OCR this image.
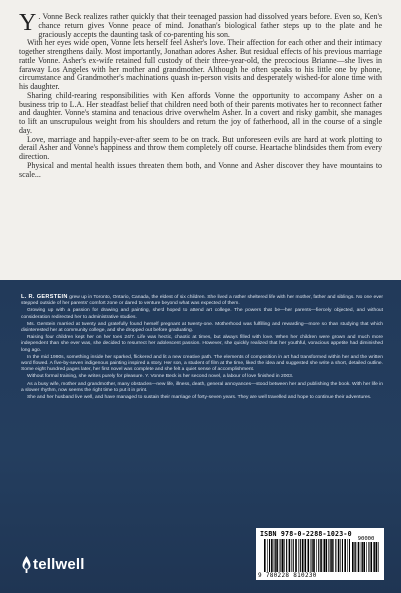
Y . Vonne Beck realizes rather quickly that their teenaged passion had dissolved years before. Even so, Ken's chance return gives Vonne peace of mind. Jonathan's biological father steps up to the plate and he graciously accepts the daunting task of co-parenting his son.

With her eyes wide open, Vonne lets herself feel Asher's love. Their affection for each other and their intimacy together strengthens daily. Most importantly, Jonathan adores Asher. But residual effects of his previous marriage rattle Vonne. Asher's ex-wife retained full custody of their three-year-old, the precocious Brianne—she lives in faraway Los Angeles with her mother and grandmother. Although he often speaks to his little one by phone, circumstance and Grandmother's machinations quash in-person visits and desperately wished-for alone time with his daughter.

Sharing child-rearing responsibilities with Ken affords Vonne the opportunity to accompany Asher on a business trip to L.A. Her steadfast belief that children need both of their parents motivates her to reconnect father and daughter. Vonne's stamina and tenacious drive overwhelm Asher. In a covert and risky gambit, she manages to lift an unscrupulous weight from his shoulders and return the joy of fatherhood, all in the course of a single day.

Love, marriage and happily-ever-after seem to be on track. But unforeseen evils are hard at work plotting to derail Asher and Vonne's happiness and throw them completely off course. Heartache blindsides them from every direction.

Physical and mental health issues threaten them both, and Vonne and Asher discover they have mountains to scale...

L. R. GERSTEIN grew up in Toronto, Ontario, Canada, the eldest of six children. She lived a rather sheltered life with her mother, father and siblings. No one ever stepped outside of her parents' comfort zone or dared to venture beyond what was expected of them.

Growing up with a passion for drawing and painting, she'd hoped to attend art college. The powers that be—her parents—fiercely objected, and without consideration redirected her to administrative studies.

Ms. Gerstein married at twenty and gratefully found herself pregnant at twenty-one. Motherhood was fulfilling and rewarding—more so than studying that which disinterested her at community college, and she dropped out before graduating.

Raising four children kept her on her toes 24/7. Life was hectic, chaotic at times, but always filled with love. When her children were grown and much more independent than she ever was, she decided to resurrect her adolescent passion. However, she quickly realized that her youthful, voracious appetite had diminished long ago.

In the mid 1990s, something inside her sparked, flickered and lit a new creative path. The elements of composition in art had transformed within her and the written word flowed. A five-by-seven indigenous painting inspired a story. Her son, a student of film at the time, liked the idea and suggested she write a short, detailed outline. Some eight hundred pages later, her first novel was complete and she felt a quiet sense of accomplishment.

Without formal training, she writes purely for pleasure. Y. Vonne Beck is her second novel, a labour of love finished in 2003.

As a busy wife, mother and grandmother, many obstacles—new life, illness, death, general annoyances—stood between her and publishing the book. With her life in a slower rhythm, now seems the right time to put it in print.

She and her husband live well, and have managed to sustain their marriage of forty-seven years. They are well travelled and hope to continue their adventures.

tellwell
ISBN 978-0-2288-1023-0
90000
9 780228 810230
